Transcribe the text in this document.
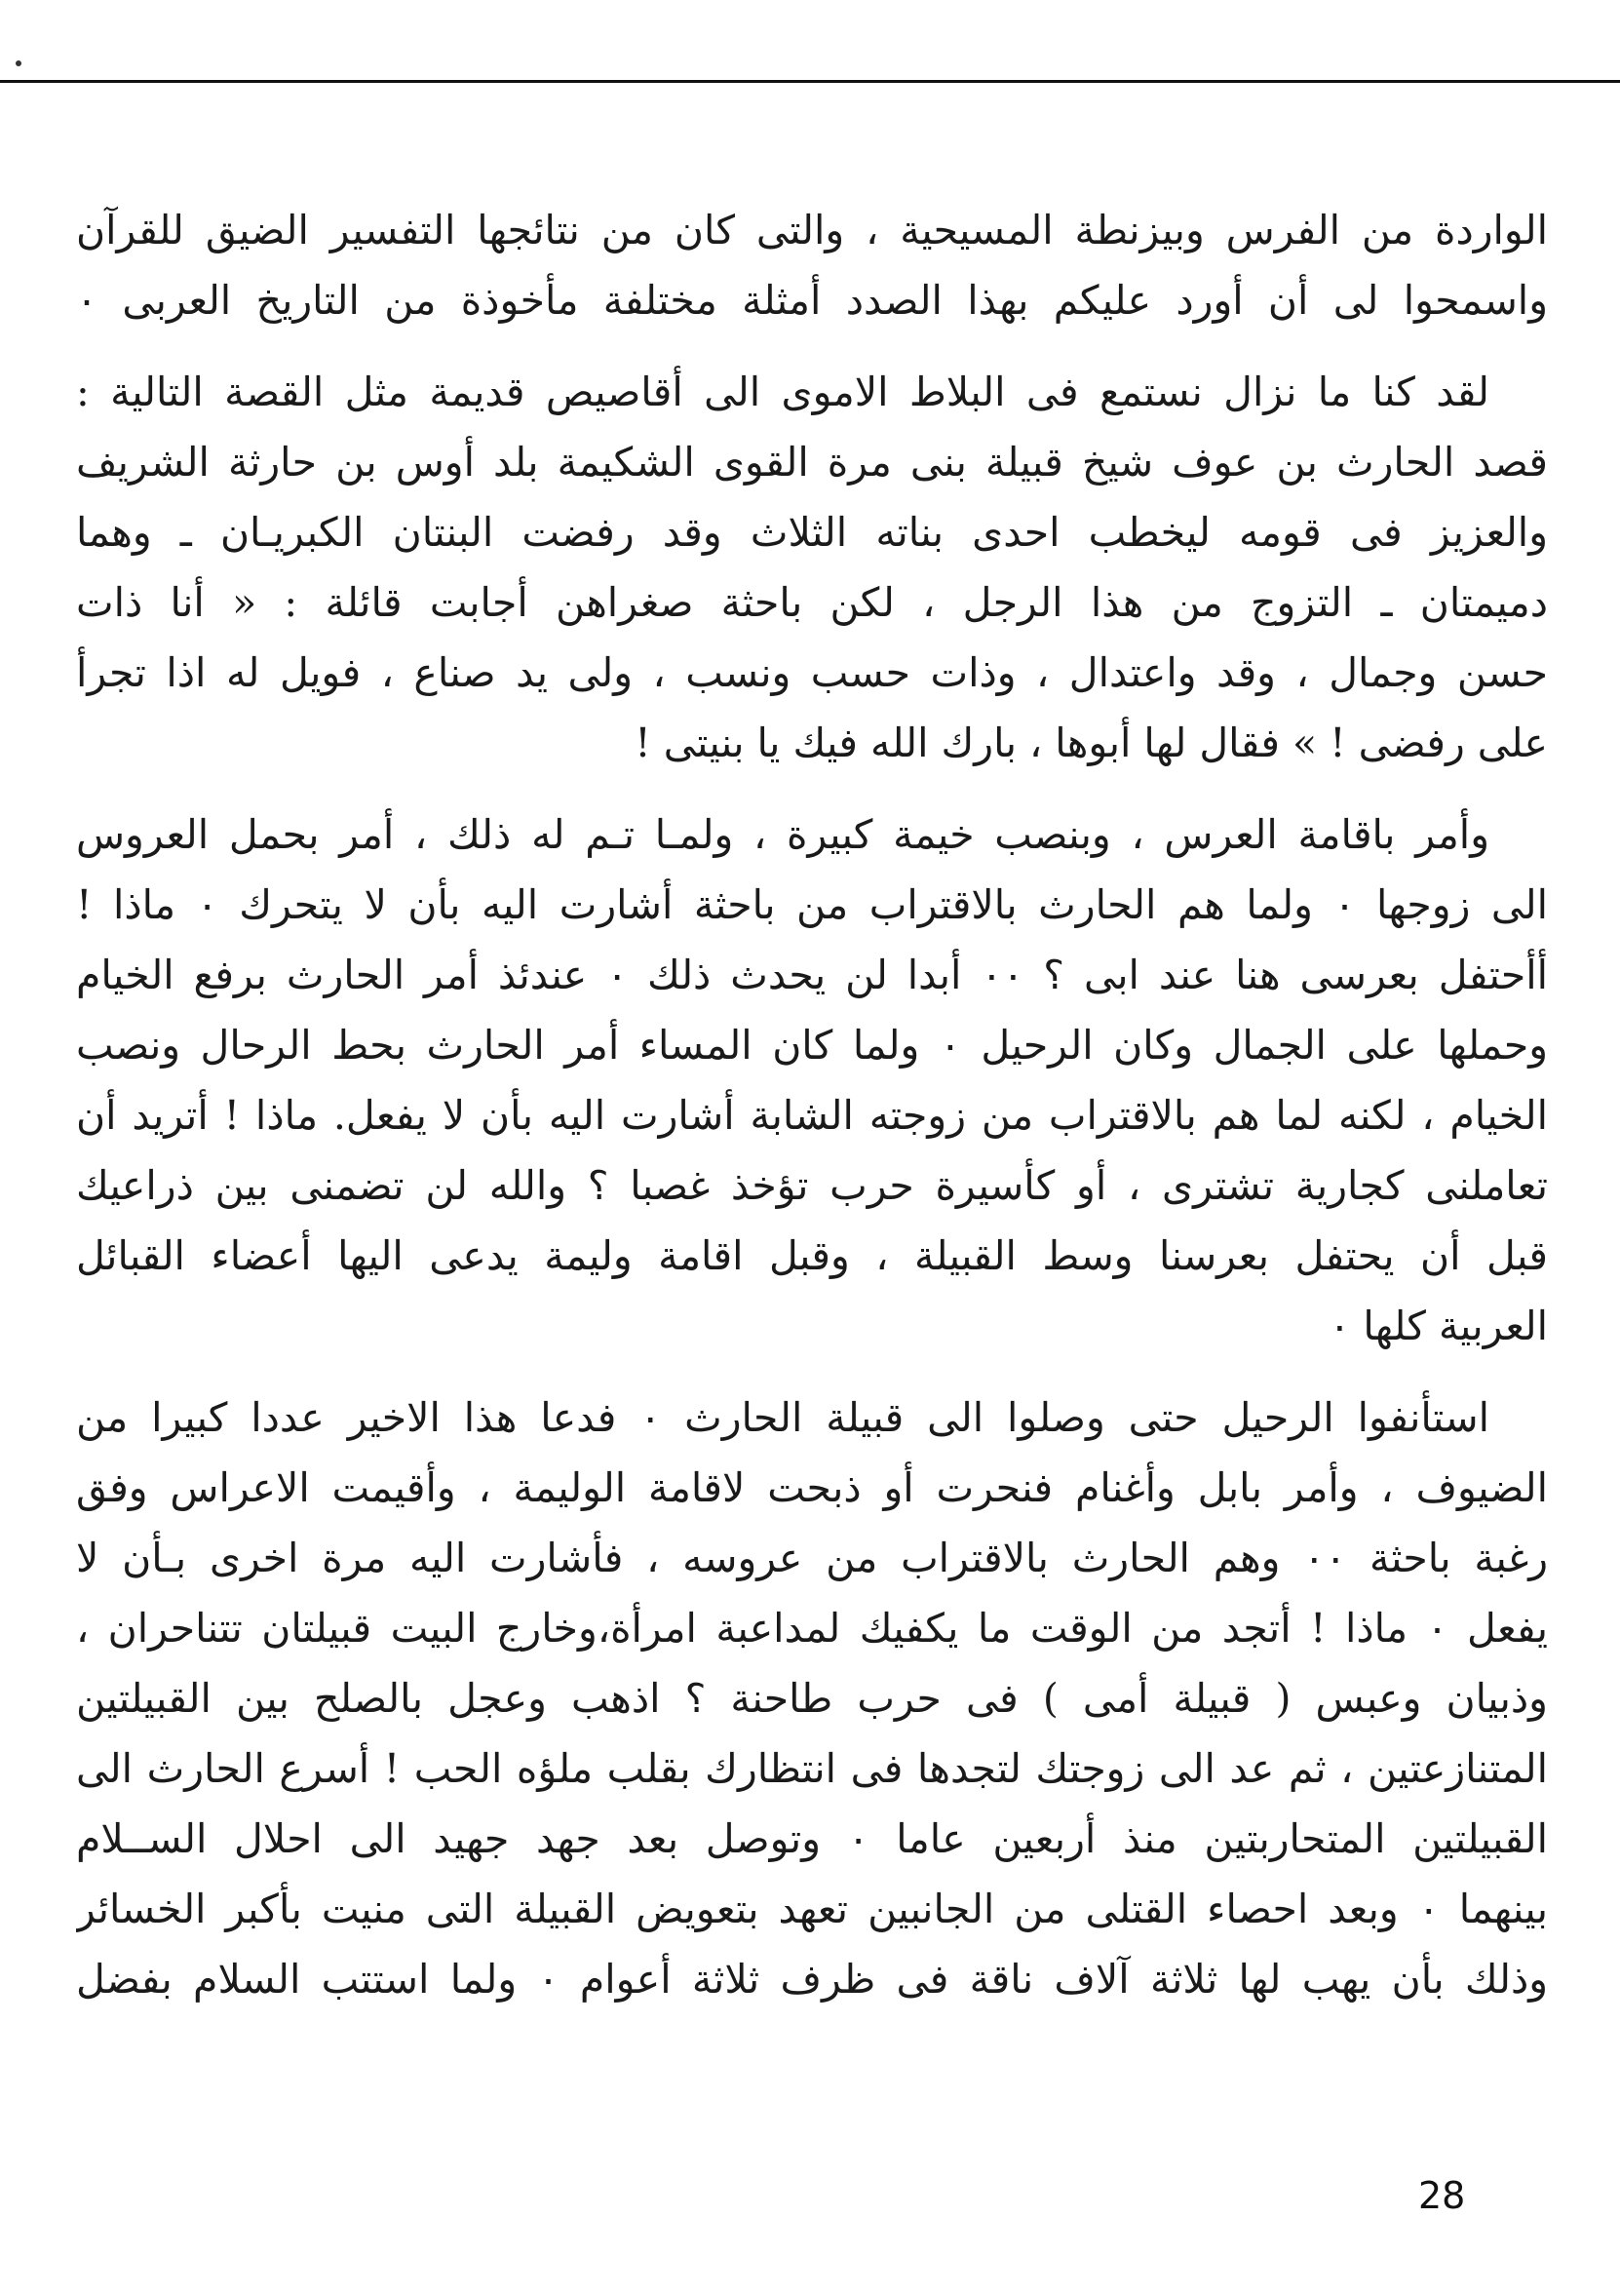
الواردة من الفرس وبيزنطة المسيحية ، والتى كان من نتائجها التفسير الضيق للقرآن
واسمحوا لى أن أورد عليكم بهذا الصدد أمثلة مختلفة مأخوذة من التاريخ العربى ٠
لقد كنا ما نزال نستمع فى البلاط الاموى الى أقاصيص قديمة مثل القصة التالية :
قصد الحارث بن عوف شيخ قبيلة بنى مرة القوى الشكيمة بلد أوس بن حارثة الشريف
والعزيز فى قومه ليخطب احدى بناته الثلاث وقد رفضت البنتان الكبريـان ـ وهما
دميمتان ـ التزوج من هذا الرجل ، لكن باحثة صغراهن أجابت قائلة : « أنا ذات
حسن وجمال ، وقد واعتدال ، وذات حسب ونسب ، ولى يد صناع ، فويل له اذا تجرأ
على رفضى ! » فقال لها أبوها ، بارك الله فيك يا بنيتى !
وأمر باقامة العرس ، وبنصب خيمة كبيرة ، ولمـا تـم له ذلك ، أمر بحمل العروس
الى زوجها ٠ ولما هم الحارث بالاقتراب من باحثة أشارت اليه بأن لا يتحرك ٠ ماذا !
أأحتفل بعرسى هنا عند ابى ؟ ٠٠ أبدا لن يحدث ذلك ٠ عندئذ أمر الحارث برفع الخيام
وحملها على الجمال وكان الرحيل ٠ ولما كان المساء أمر الحارث بحط الرحال ونصب
الخيام ، لكنه لما هم بالاقتراب من زوجته الشابة أشارت اليه بأن لا يفعل. ماذا ! أتريد أن
تعاملنى كجارية تشترى ، أو كأسيرة حرب تؤخذ غصبا ؟ والله لن تضمنى بين ذراعيك
قبل أن يحتفل بعرسنا وسط القبيلة ، وقبل اقامة وليمة يدعى اليها أعضاء القبائل
العربية كلها ٠
استأنفوا الرحيل حتى وصلوا الى قبيلة الحارث ٠ فدعا هذا الاخير عددا كبيرا من
الضيوف ، وأمر بابل وأغنام فنحرت أو ذبحت لاقامة الوليمة ، وأقيمت الاعراس وفق
رغبة باحثة ٠٠ وهم الحارث بالاقتراب من عروسه ، فأشارت اليه مرة اخرى بـأن لا
يفعل ٠ ماذا ! أتجد من الوقت ما يكفيك لمداعبة امرأة،وخارج البيت قبيلتان تتناحران ،
وذبيان وعبس ( قبيلة أمى ) فى حرب طاحنة ؟ اذهب وعجل بالصلح بين القبيلتين
المتنازعتين ، ثم عد الى زوجتك لتجدها فى انتظارك بقلب ملؤه الحب ! أسرع الحارث الى
القبيلتين المتحاربتين منذ أربعين عاما ٠ وتوصل بعد جهد جهيد الى احلال الســلام
بينهما ٠ وبعد احصاء القتلى من الجانبين تعهد بتعويض القبيلة التى منيت بأكبر الخسائر
وذلك بأن يهب لها ثلاثة آلاف ناقة فى ظرف ثلاثة أعوام ٠ ولما استتب السلام بفضل
28
